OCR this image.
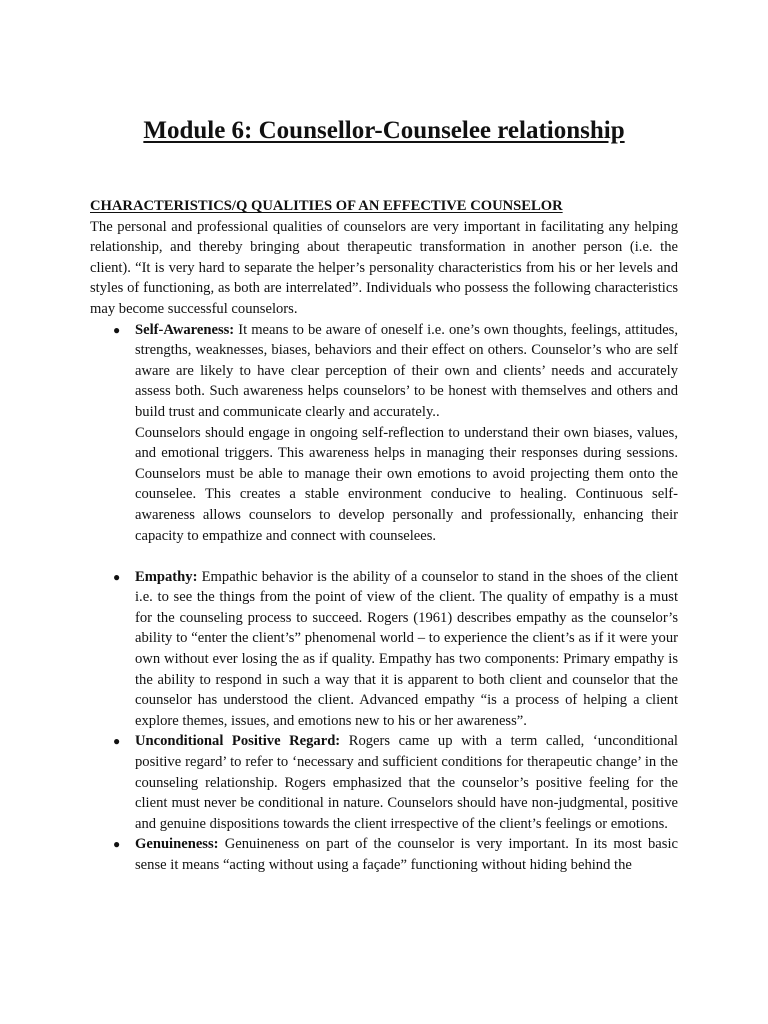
Module 6: Counsellor-Counselee relationship
CHARACTERISTICS/Q QUALITIES OF AN EFFECTIVE COUNSELOR

The personal and professional qualities of counselors are very important in facilitating any helping relationship, and thereby bringing about therapeutic transformation in another person (i.e. the client). “It is very hard to separate the helper’s personality characteristics from his or her levels and styles of functioning, as both are interrelated”. Individuals who possess the following characteristics may become successful counselors.

● Self-Awareness: It means to be aware of oneself i.e. one’s own thoughts, feelings, attitudes, strengths, weaknesses, biases, behaviors and their effect on others. Counselor’s who are self aware are likely to have clear perception of their own and clients’ needs and accurately assess both. Such awareness helps counselors’ to be honest with themselves and others and build trust and communicate clearly and accurately..
Counselors should engage in ongoing self-reflection to understand their own biases, values, and emotional triggers. This awareness helps in managing their responses during sessions. Counselors must be able to manage their own emotions to avoid projecting them onto the counselee. This creates a stable environment conducive to healing. Continuous self-awareness allows counselors to develop personally and professionally, enhancing their capacity to empathize and connect with counselees.
● Empathy: Empathic behavior is the ability of a counselor to stand in the shoes of the client i.e. to see the things from the point of view of the client. The quality of empathy is a must for the counseling process to succeed. Rogers (1961) describes empathy as the counselor’s ability to “enter the client’s” phenomenal world – to experience the client’s as if it were your own without ever losing the as if quality. Empathy has two components: Primary empathy is the ability to respond in such a way that it is apparent to both client and counselor that the counselor has understood the client. Advanced empathy “is a process of helping a client explore themes, issues, and emotions new to his or her awareness”.
● Unconditional Positive Regard: Rogers came up with a term called, ‘unconditional positive regard’ to refer to ‘necessary and sufficient conditions for therapeutic change’ in the counseling relationship. Rogers emphasized that the counselor’s positive feeling for the client must never be conditional in nature. Counselors should have non-judgmental, positive and genuine dispositions towards the client irrespective of the client’s feelings or emotions.
● Genuineness: Genuineness on part of the counselor is very important. In its most basic sense it means “acting without using a façade” functioning without hiding behind the
